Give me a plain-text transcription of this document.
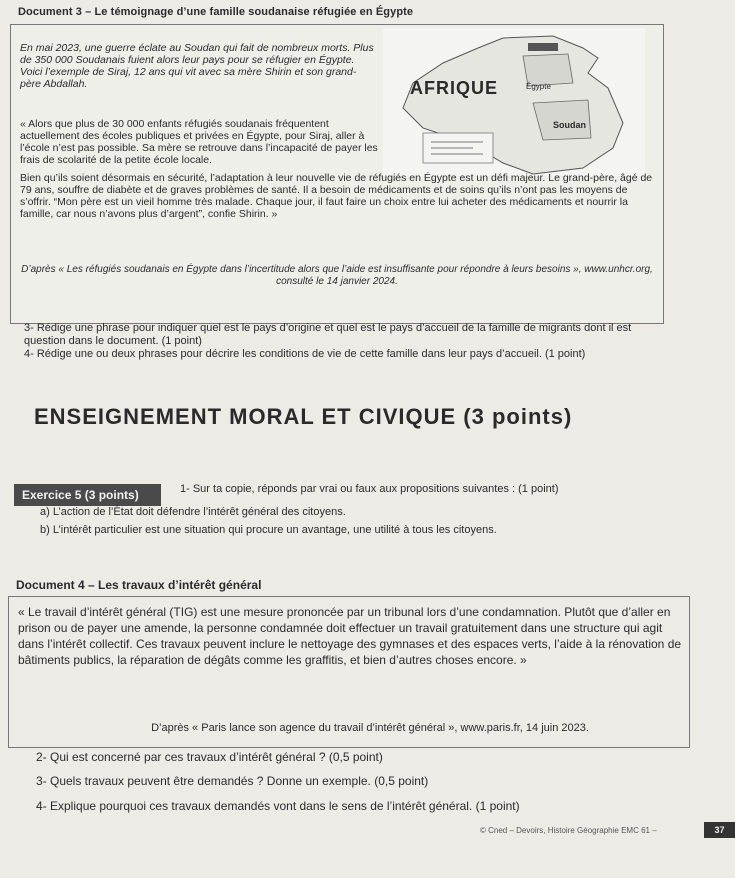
Document 3 – Le témoignage d’une famille soudanaise réfugiée en Égypte
AFRIQUE	Égypte
Soudan
En mai 2023, une guerre éclate au Soudan qui fait de nombreux morts. Plus de 350 000 Soudanais fuient alors leur pays pour se réfugier en Égypte. Voici l’exemple de Siraj, 12 ans qui vit avec sa mère Shirin et son grand-père Abdallah.
« Alors que plus de 30 000 enfants réfugiés soudanais fréquentent actuellement des écoles publiques et privées en Égypte, pour Siraj, aller à l’école n’est pas possible. Sa mère se retrouve dans l’incapacité de payer les frais de scolarité de la petite école locale.
Bien qu’ils soient désormais en sécurité, l’adaptation à leur nouvelle vie de réfugiés en Égypte est un défi majeur. Le grand-père, âgé de 79 ans, souffre de diabète et de graves problèmes de santé. Il a besoin de médicaments et de soins qu’ils n’ont pas les moyens de s’offrir. “Mon père est un vieil homme très malade. Chaque jour, il faut faire un choix entre lui acheter des médicaments et nourrir la famille, car nous n’avons plus d’argent”, confie Shirin. »
D’après « Les réfugiés soudanais en Égypte dans l’incertitude alors que l’aide est insuffisante pour répondre à leurs besoins », www.unhcr.org, consulté le 14 janvier 2024.
3- Rédige une phrase pour indiquer quel est le pays d’origine et quel est le pays d’accueil de la famille de migrants dont il est question dans le document. (1 point)
4- Rédige une ou deux phrases pour décrire les conditions de vie de cette famille dans leur pays d’accueil. (1 point)
ENSEIGNEMENT MORAL ET CIVIQUE (3 points)
1- Sur ta copie, réponds par vrai ou faux aux propositions suivantes : (1 point)
Exercice 5 (3 points)
a) L’action de l’État doit défendre l’intérêt général des citoyens.
b) L’intérêt particulier est une situation qui procure un avantage, une utilité à tous les citoyens.
Document 4 – Les travaux d’intérêt général
« Le travail d’intérêt général (TIG) est une mesure prononcée par un tribunal lors d’une condamnation. Plutôt que d’aller en prison ou de payer une amende, la personne condamnée doit effectuer un travail gratuitement dans une structure qui agit dans l’intérêt collectif. Ces travaux peuvent inclure le nettoyage des gymnases et des espaces verts, l’aide à la rénovation de bâtiments publics, la réparation de dégâts comme les graffitis, et bien d’autres choses encore. »
D’après « Paris lance son agence du travail d’intérêt général », www.paris.fr, 14 juin 2023.
2- Qui est concerné par ces travaux d’intérêt général ? (0,5 point)
3- Quels travaux peuvent être demandés ? Donne un exemple. (0,5 point)
4- Explique pourquoi ces travaux demandés vont dans le sens de l’intérêt général. (1 point)
© Cned – Devoirs, Histoire Géographie EMC 61 –	37
